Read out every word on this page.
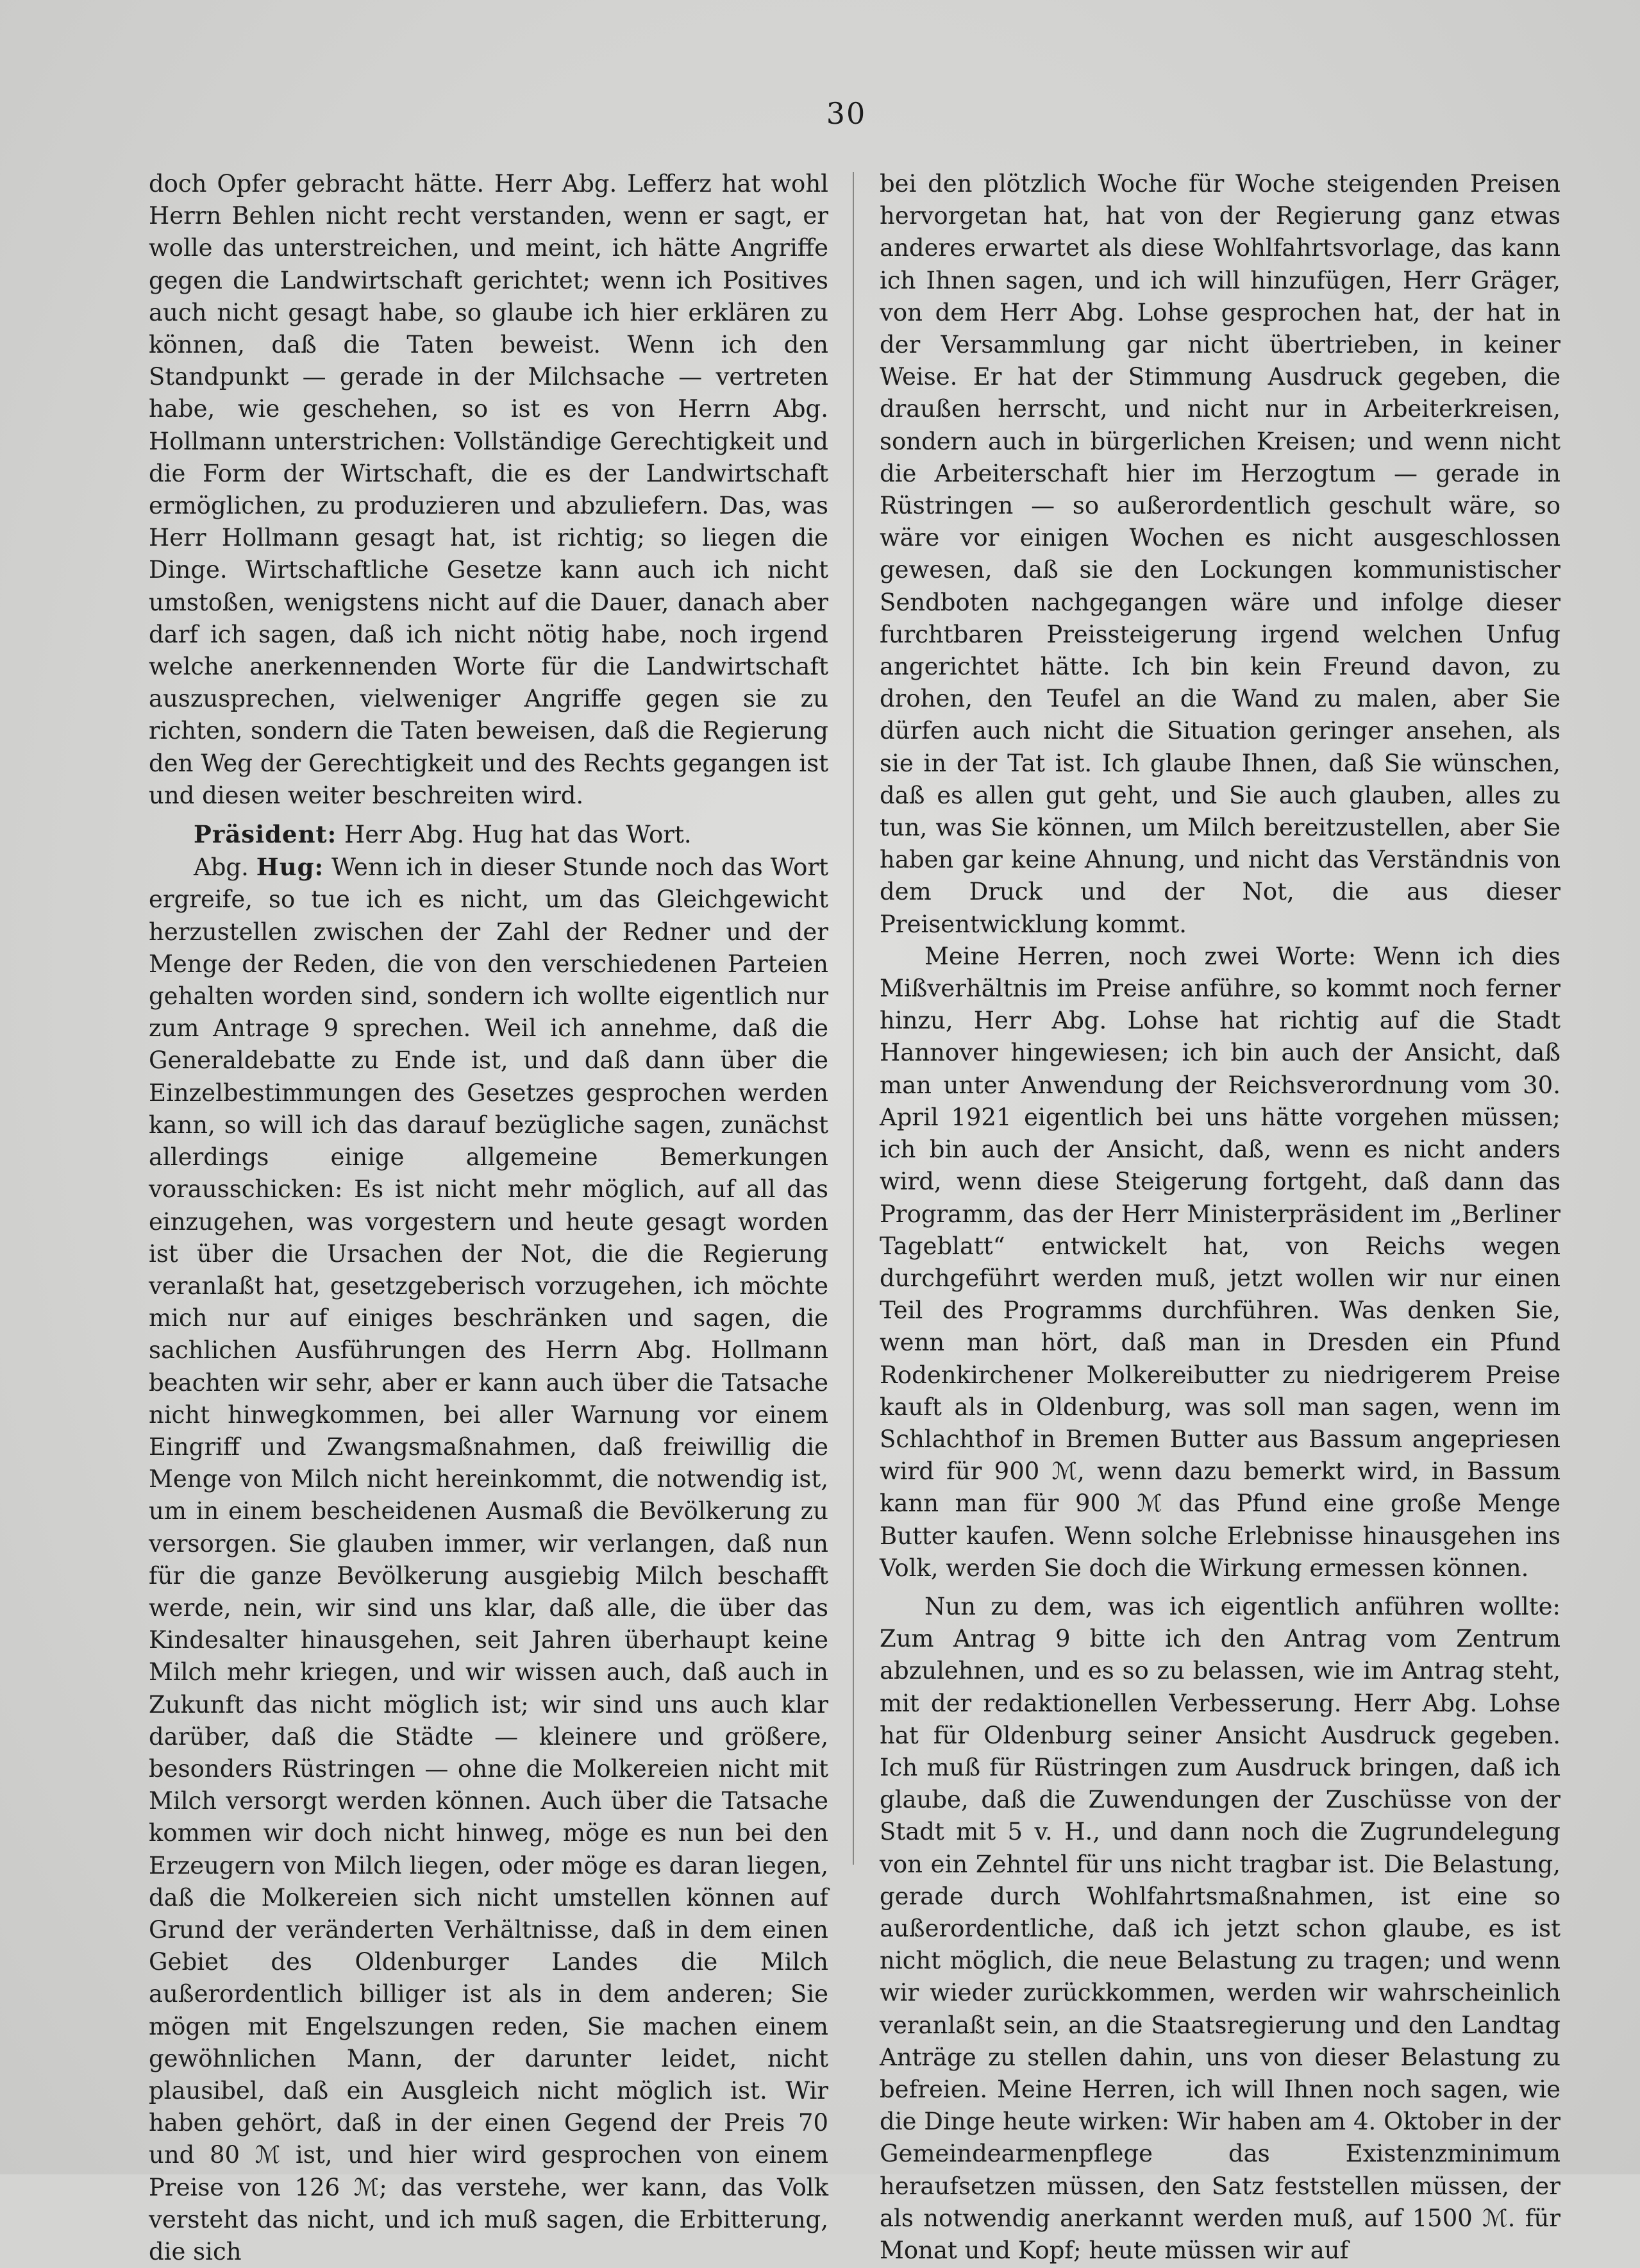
30

doch Opfer gebracht hätte. Herr Abg. Lefferz hat wohl Herrn Behlen nicht recht verstanden, wenn er sagt, er wolle das unterstreichen, und meint, ich hätte Angriffe gegen die Landwirtschaft gerichtet; wenn ich Positives auch nicht gesagt habe, so glaube ich hier erklären zu können, daß die Taten beweist. Wenn ich den Standpunkt — gerade in der Milchsache — vertreten habe, wie geschehen, so ist es von Herrn Abg. Hollmann unterstrichen: Vollständige Gerechtigkeit und die Form der Wirtschaft, die es der Landwirtschaft ermöglichen, zu produzieren und abzuliefern. Das, was Herr Hollmann gesagt hat, ist richtig; so liegen die Dinge. Wirtschaftliche Gesetze kann auch ich nicht umstoßen, wenigstens nicht auf die Dauer, danach aber darf ich sagen, daß ich nicht nötig habe, noch irgend welche anerkennenden Worte für die Landwirtschaft auszusprechen, vielweniger Angriffe gegen sie zu richten, sondern die Taten beweisen, daß die Regierung den Weg der Gerechtigkeit und des Rechts gegangen ist und diesen weiter beschreiten wird.

Präsident: Herr Abg. Hug hat das Wort.

Abg. Hug: Wenn ich in dieser Stunde noch das Wort ergreife, so tue ich es nicht, um das Gleichgewicht herzustellen zwischen der Zahl der Redner und der Menge der Reden, die von den verschiedenen Parteien gehalten worden sind, sondern ich wollte eigentlich nur zum Antrage 9 sprechen. Weil ich annehme, daß die Generaldebatte zu Ende ist, und daß dann über die Einzelbestimmungen des Gesetzes gesprochen werden kann, so will ich das darauf bezügliche sagen, zunächst allerdings einige allgemeine Bemerkungen vorausschicken: Es ist nicht mehr möglich, auf all das einzugehen, was vorgestern und heute gesagt worden ist über die Ursachen der Not, die die Regierung veranlaßt hat, gesetzgeberisch vorzugehen, ich möchte mich nur auf einiges beschränken und sagen, die sachlichen Ausführungen des Herrn Abg. Hollmann beachten wir sehr, aber er kann auch über die Tatsache nicht hinwegkommen, bei aller Warnung vor einem Eingriff und Zwangsmaßnahmen, daß freiwillig die Menge von Milch nicht hereinkommt, die notwendig ist, um in einem bescheidenen Ausmaß die Bevölkerung zu versorgen. Sie glauben immer, wir verlangen, daß nun für die ganze Bevölkerung ausgiebig Milch beschafft werde, nein, wir sind uns klar, daß alle, die über das Kindesalter hinausgehen, seit Jahren überhaupt keine Milch mehr kriegen, und wir wissen auch, daß auch in Zukunft das nicht möglich ist; wir sind uns auch klar darüber, daß die Städte — kleinere und größere, besonders Rüstringen — ohne die Molkereien nicht mit Milch versorgt werden können. Auch über die Tatsache kommen wir doch nicht hinweg, möge es nun bei den Erzeugern von Milch liegen, oder möge es daran liegen, daß die Molkereien sich nicht umstellen können auf Grund der veränderten Verhältnisse, daß in dem einen Gebiet des Oldenburger Landes die Milch außerordentlich billiger ist als in dem anderen; Sie mögen mit Engelszungen reden, Sie machen einem gewöhnlichen Mann, der darunter leidet, nicht plausibel, daß ein Ausgleich nicht möglich ist. Wir haben gehört, daß in der einen Gegend der Preis 70 und 80 ℳ ist, und hier wird gesprochen von einem Preise von 126 ℳ; das verstehe, wer kann, das Volk versteht das nicht, und ich muß sagen, die Erbitterung, die sich

bei den plötzlich Woche für Woche steigenden Preisen hervorgetan hat, hat von der Regierung ganz etwas anderes erwartet als diese Wohlfahrtsvorlage, das kann ich Ihnen sagen, und ich will hinzufügen, Herr Gräger, von dem Herr Abg. Lohse gesprochen hat, der hat in der Versammlung gar nicht übertrieben, in keiner Weise. Er hat der Stimmung Ausdruck gegeben, die draußen herrscht, und nicht nur in Arbeiterkreisen, sondern auch in bürgerlichen Kreisen; und wenn nicht die Arbeiterschaft hier im Herzogtum — gerade in Rüstringen — so außerordentlich geschult wäre, so wäre vor einigen Wochen es nicht ausgeschlossen gewesen, daß sie den Lockungen kommunistischer Sendboten nachgegangen wäre und infolge dieser furchtbaren Preissteigerung irgend welchen Unfug angerichtet hätte. Ich bin kein Freund davon, zu drohen, den Teufel an die Wand zu malen, aber Sie dürfen auch nicht die Situation geringer ansehen, als sie in der Tat ist. Ich glaube Ihnen, daß Sie wünschen, daß es allen gut geht, und Sie auch glauben, alles zu tun, was Sie können, um Milch bereitzustellen, aber Sie haben gar keine Ahnung, und nicht das Verständnis von dem Druck und der Not, die aus dieser Preisentwicklung kommt.

Meine Herren, noch zwei Worte: Wenn ich dies Mißverhältnis im Preise anführe, so kommt noch ferner hinzu, Herr Abg. Lohse hat richtig auf die Stadt Hannover hingewiesen; ich bin auch der Ansicht, daß man unter Anwendung der Reichsverordnung vom 30. April 1921 eigentlich bei uns hätte vorgehen müssen; ich bin auch der Ansicht, daß, wenn es nicht anders wird, wenn diese Steigerung fortgeht, daß dann das Programm, das der Herr Ministerpräsident im „Berliner Tageblatt“ entwickelt hat, von Reichs wegen durchgeführt werden muß, jetzt wollen wir nur einen Teil des Programms durchführen. Was denken Sie, wenn man hört, daß man in Dresden ein Pfund Rodenkirchener Molkereibutter zu niedrigerem Preise kauft als in Oldenburg, was soll man sagen, wenn im Schlachthof in Bremen Butter aus Bassum angepriesen wird für 900 ℳ, wenn dazu bemerkt wird, in Bassum kann man für 900 ℳ das Pfund eine große Menge Butter kaufen. Wenn solche Erlebnisse hinausgehen ins Volk, werden Sie doch die Wirkung ermessen können.

Nun zu dem, was ich eigentlich anführen wollte: Zum Antrag 9 bitte ich den Antrag vom Zentrum abzulehnen, und es so zu belassen, wie im Antrag steht, mit der redaktionellen Verbesserung. Herr Abg. Lohse hat für Oldenburg seiner Ansicht Ausdruck gegeben. Ich muß für Rüstringen zum Ausdruck bringen, daß ich glaube, daß die Zuwendungen der Zuschüsse von der Stadt mit 5 v. H., und dann noch die Zugrundelegung von ein Zehntel für uns nicht tragbar ist. Die Belastung, gerade durch Wohlfahrtsmaßnahmen, ist eine so außerordentliche, daß ich jetzt schon glaube, es ist nicht möglich, die neue Belastung zu tragen; und wenn wir wieder zurückkommen, werden wir wahrscheinlich veranlaßt sein, an die Staatsregierung und den Landtag Anträge zu stellen dahin, uns von dieser Belastung zu befreien. Meine Herren, ich will Ihnen noch sagen, wie die Dinge heute wirken: Wir haben am 4. Oktober in der Gemeindearmenpflege das Existenzminimum heraufsetzen müssen, den Satz feststellen müssen, der als notwendig anerkannt werden muß, auf 1500 ℳ. für Monat und Kopf; heute müssen wir auf
